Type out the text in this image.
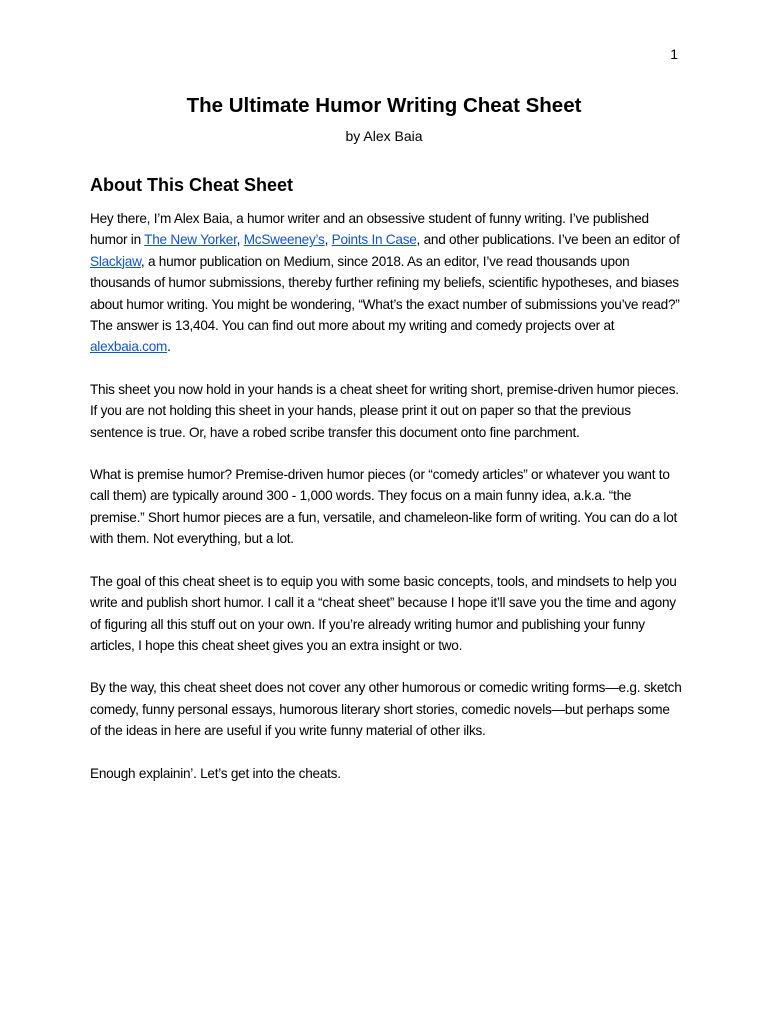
1
The Ultimate Humor Writing Cheat Sheet
by Alex Baia
About This Cheat Sheet

Hey there, I’m Alex Baia, a humor writer and an obsessive student of funny writing. I’ve published humor in The New Yorker, McSweeney’s, Points In Case, and other publications. I’ve been an editor of Slackjaw, a humor publication on Medium, since 2018. As an editor, I’ve read thousands upon thousands of humor submissions, thereby further refining my beliefs, scientific hypotheses, and biases about humor writing. You might be wondering, “What’s the exact number of submissions you’ve read?” The answer is 13,404. You can find out more about my writing and comedy projects over at alexbaia.com.

This sheet you now hold in your hands is a cheat sheet for writing short, premise-driven humor pieces. If you are not holding this sheet in your hands, please print it out on paper so that the previous sentence is true. Or, have a robed scribe transfer this document onto fine parchment.

What is premise humor? Premise-driven humor pieces (or “comedy articles” or whatever you want to call them) are typically around 300 - 1,000 words. They focus on a main funny idea, a.k.a. “the premise.” Short humor pieces are a fun, versatile, and chameleon-like form of writing. You can do a lot with them. Not everything, but a lot.

The goal of this cheat sheet is to equip you with some basic concepts, tools, and mindsets to help you write and publish short humor. I call it a “cheat sheet” because I hope it’ll save you the time and agony of figuring all this stuff out on your own. If you’re already writing humor and publishing your funny articles, I hope this cheat sheet gives you an extra insight or two.

By the way, this cheat sheet does not cover any other humorous or comedic writing forms—e.g. sketch comedy, funny personal essays, humorous literary short stories, comedic novels—but perhaps some of the ideas in here are useful if you write funny material of other ilks.

Enough explainin’. Let’s get into the cheats.
